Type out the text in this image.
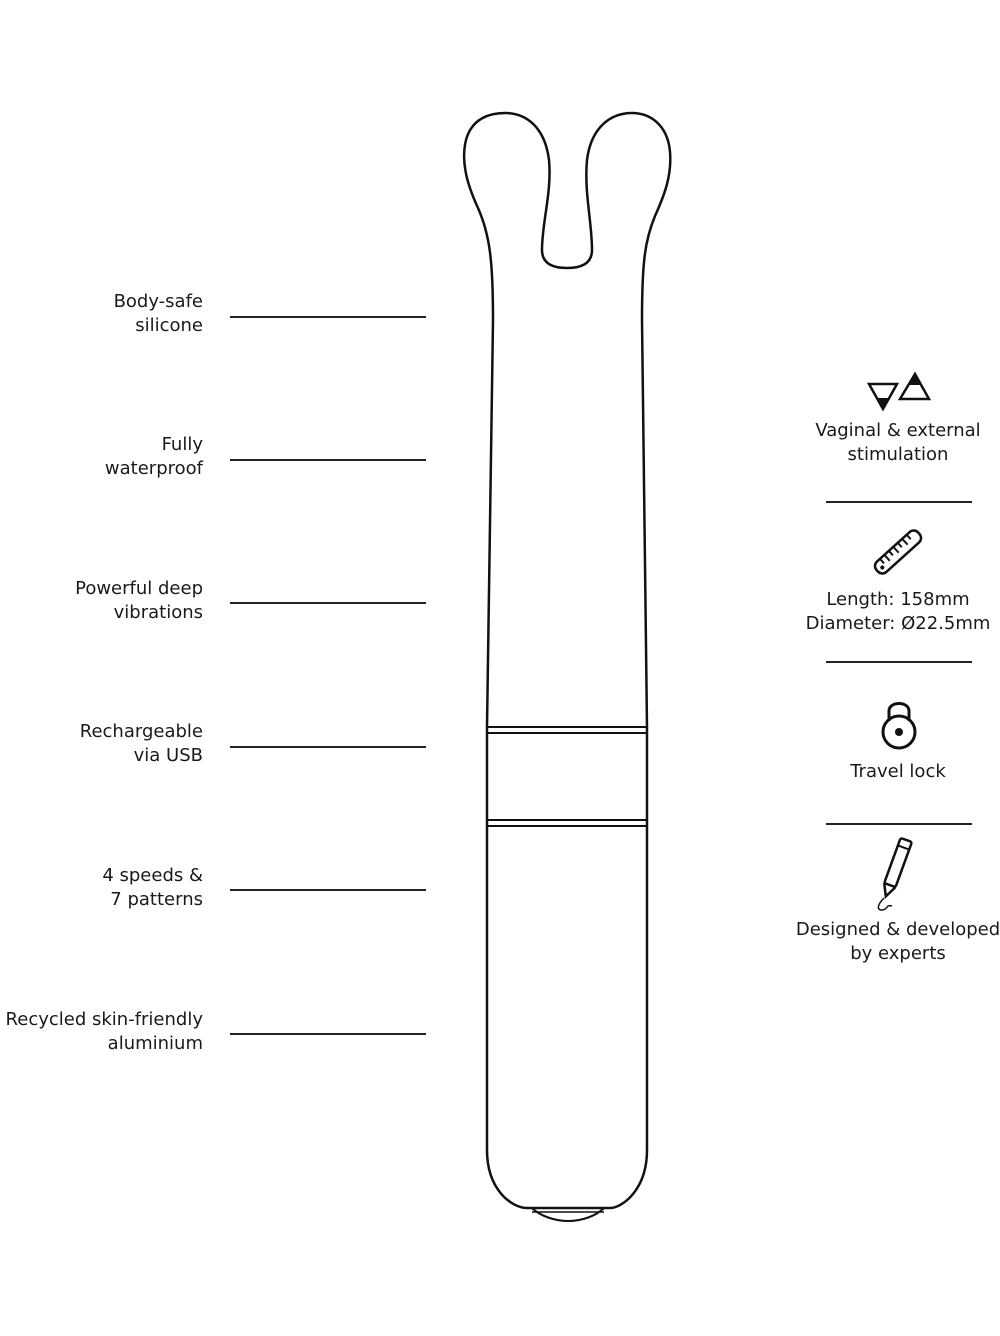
Body-safe
silicone
Fully
waterproof
Powerful deep
vibrations
Rechargeable
via USB
4 speeds &
7 patterns
Recycled skin-friendly
aluminium
Vaginal & external
stimulation
Length: 158mm
Diameter: Ø22.5mm
Travel lock
Designed & developed
by experts
